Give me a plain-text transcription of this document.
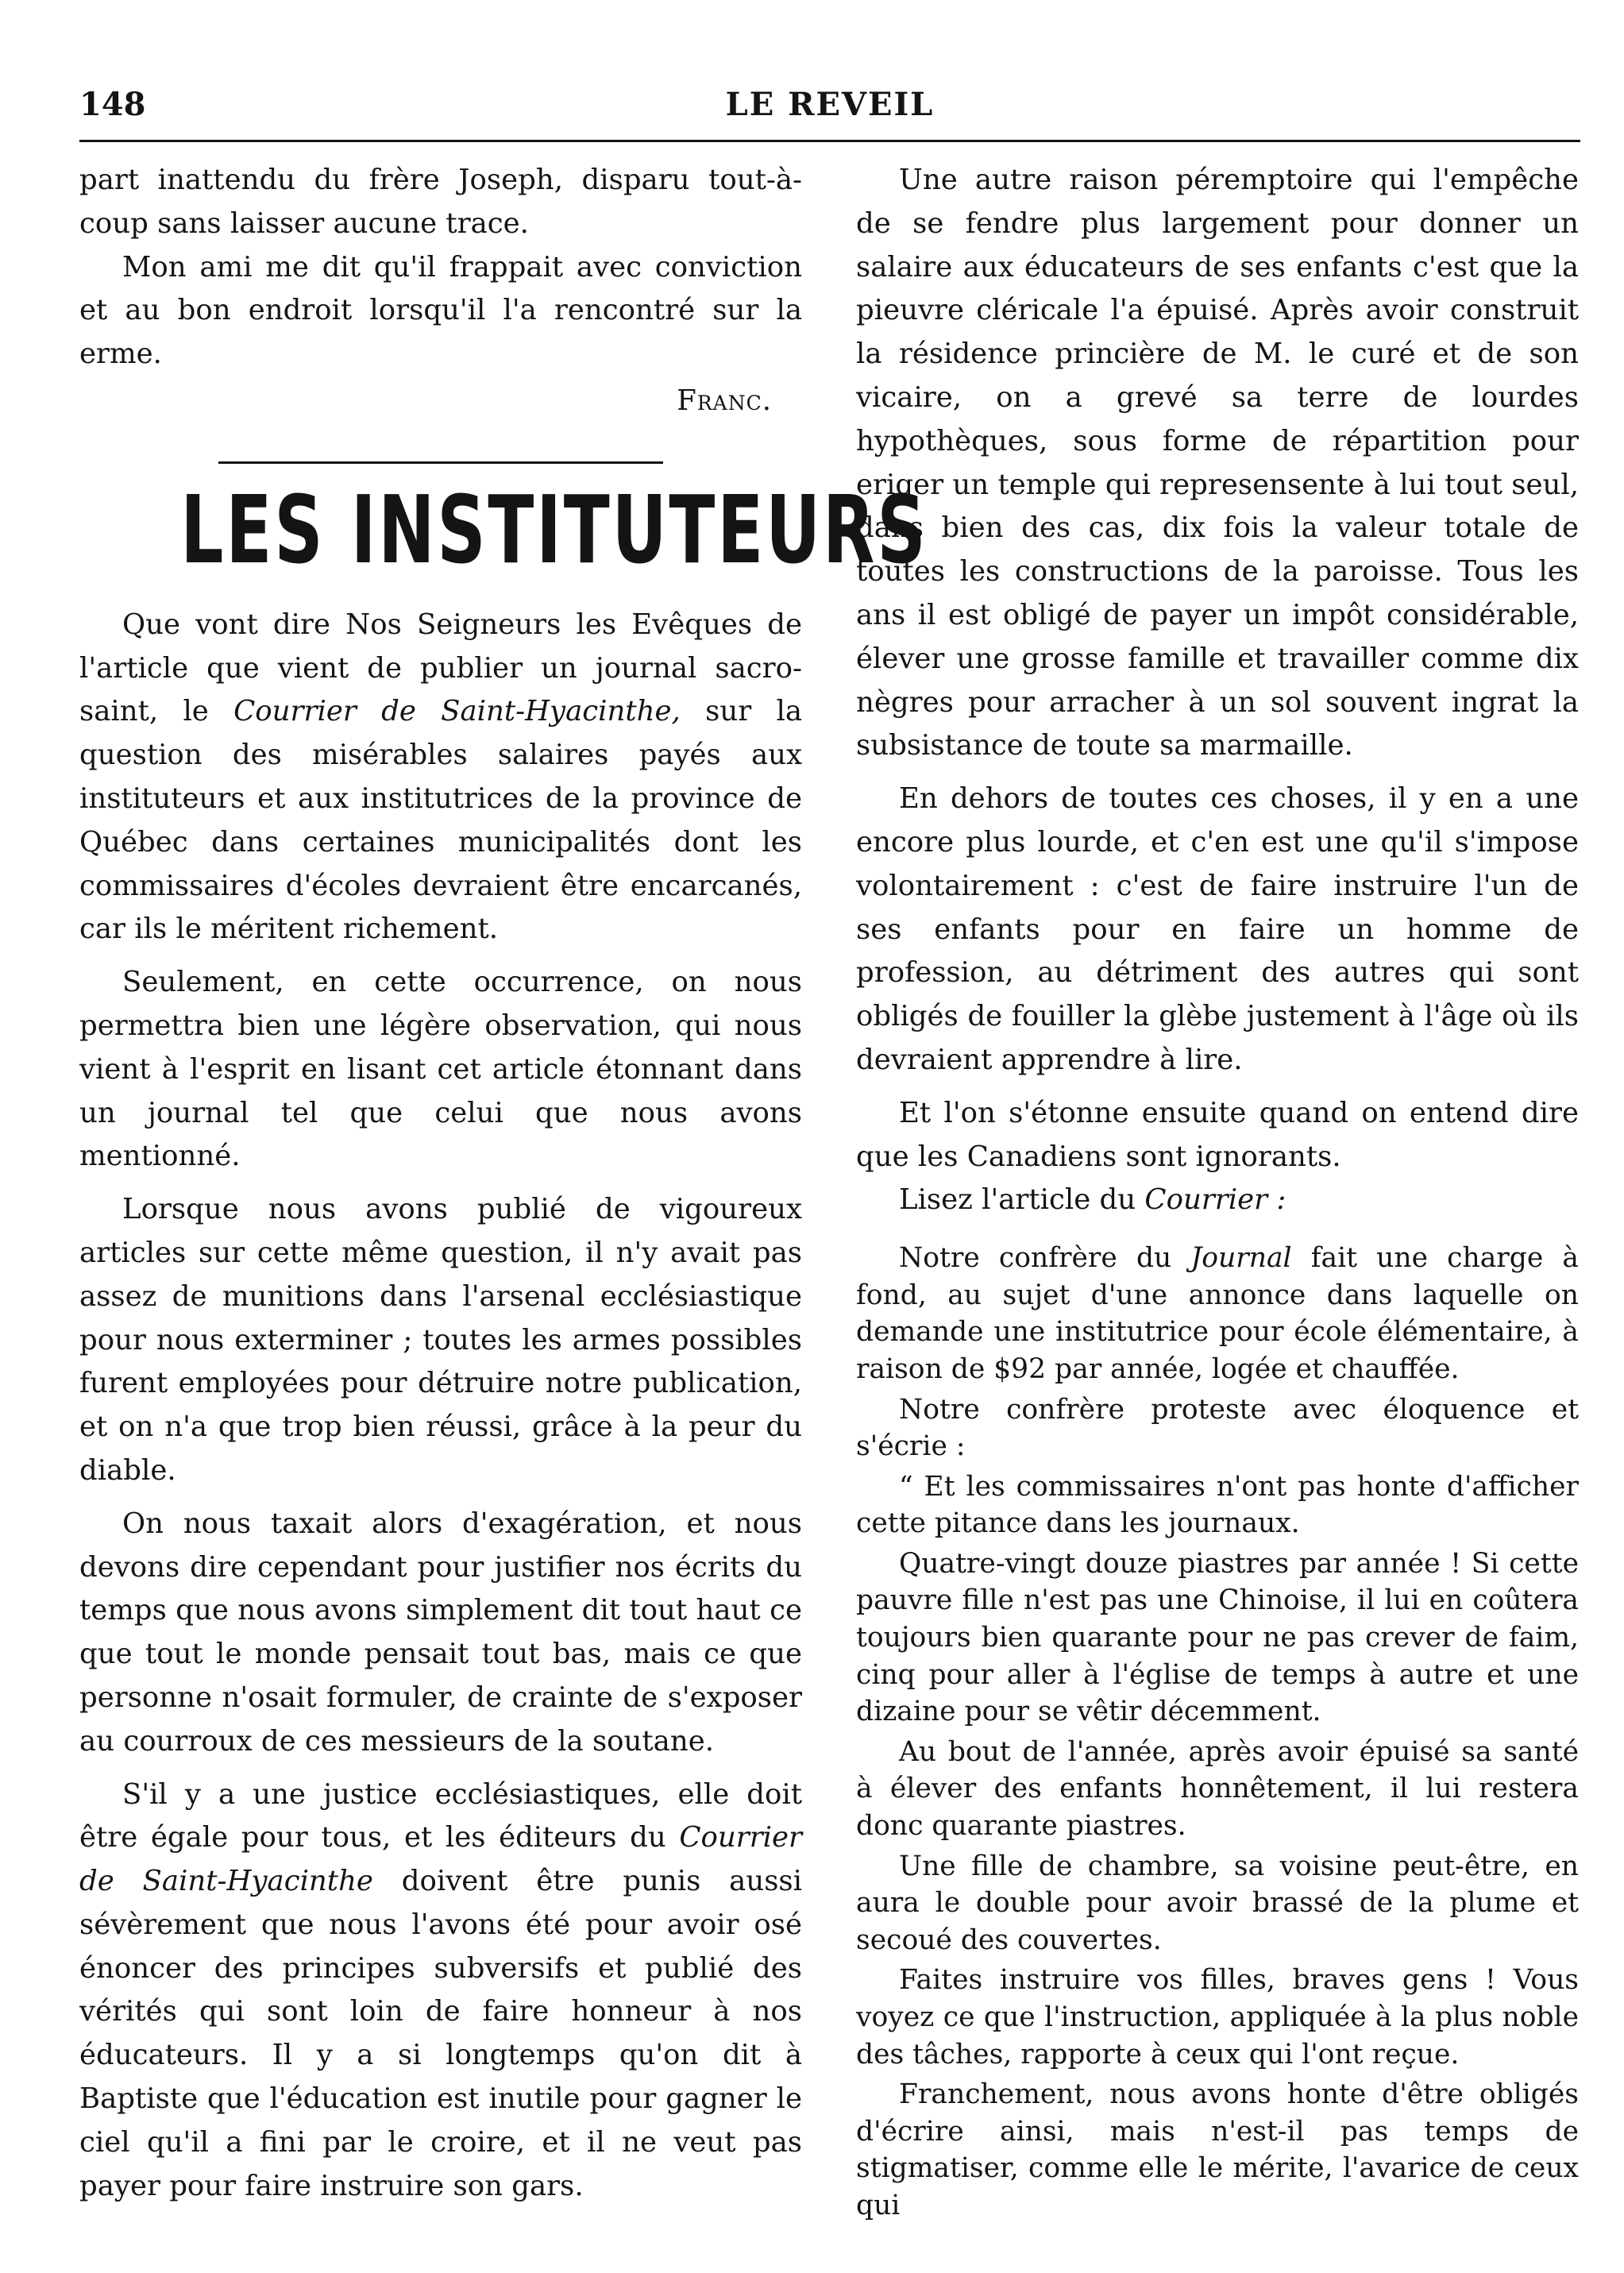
148	LE REVEIL

part inattendu du frère Joseph, disparu tout-à-coup sans laisser aucune trace.

Mon ami me dit qu'il frappait avec conviction et au bon endroit lorsqu'il l'a rencontré sur la erme.

Franc.
LES INSTITUTEURS

Que vont dire Nos Seigneurs les Evêques de l'article que vient de publier un journal sacro-saint, le Courrier de Saint-Hyacinthe, sur la question des misérables salaires payés aux instituteurs et aux institutrices de la province de Québec dans certaines municipalités dont les commissaires d'écoles devraient être encarcanés, car ils le méritent richement.

Seulement, en cette occurrence, on nous permettra bien une légère observation, qui nous vient à l'esprit en lisant cet article étonnant dans un journal tel que celui que nous avons mentionné.

Lorsque nous avons publié de vigoureux articles sur cette même question, il n'y avait pas assez de munitions dans l'arsenal ecclésiastique pour nous exterminer ; toutes les armes possibles furent employées pour détruire notre publication, et on n'a que trop bien réussi, grâce à la peur du diable.

On nous taxait alors d'exagération, et nous devons dire cependant pour justifier nos écrits du temps que nous avons simplement dit tout haut ce que tout le monde pensait tout bas, mais ce que personne n'osait formuler, de crainte de s'exposer au courroux de ces messieurs de la soutane.

S'il y a une justice ecclésiastiques, elle doit être égale pour tous, et les éditeurs du Courrier de Saint-Hyacinthe doivent être punis aussi sévèrement que nous l'avons été pour avoir osé énoncer des principes subversifs et publié des vérités qui sont loin de faire honneur à nos éducateurs. Il y a si longtemps qu'on dit à Baptiste que l'éducation est inutile pour gagner le ciel qu'il a fini par le croire, et il ne veut pas payer pour faire instruire son gars.

Une autre raison péremptoire qui l'empêche de se fendre plus largement pour donner un salaire aux éducateurs de ses enfants c'est que la pieuvre cléricale l'a épuisé. Après avoir construit la résidence princière de M. le curé et de son vicaire, on a grevé sa terre de lourdes hypothèques, sous forme de répartition pour eriger un temple qui represensente à lui tout seul, dans bien des cas, dix fois la valeur totale de toutes les constructions de la paroisse. Tous les ans il est obligé de payer un impôt considérable, élever une grosse famille et travailler comme dix nègres pour arracher à un sol souvent ingrat la subsistance de toute sa marmaille.

En dehors de toutes ces choses, il y en a une encore plus lourde, et c'en est une qu'il s'impose volontairement : c'est de faire instruire l'un de ses enfants pour en faire un homme de profession, au détriment des autres qui sont obligés de fouiller la glèbe justement à l'âge où ils devraient apprendre à lire.

Et l'on s'étonne ensuite quand on entend dire que les Canadiens sont ignorants.

Lisez l'article du Courrier :

Notre confrère du Journal fait une charge à fond, au sujet d'une annonce dans laquelle on demande une institutrice pour école élémentaire, à raison de $92 par année, logée et chauffée.

Notre confrère proteste avec éloquence et s'écrie :

“ Et les commissaires n'ont pas honte d'afficher cette pitance dans les journaux.

Quatre-vingt douze piastres par année ! Si cette pauvre fille n'est pas une Chinoise, il lui en coûtera toujours bien quarante pour ne pas crever de faim, cinq pour aller à l'église de temps à autre et une dizaine pour se vêtir décemment.

Au bout de l'année, après avoir épuisé sa santé à élever des enfants honnêtement, il lui restera donc quarante piastres.

Une fille de chambre, sa voisine peut-être, en aura le double pour avoir brassé de la plume et secoué des couvertes.

Faites instruire vos filles, braves gens ! Vous voyez ce que l'instruction, appliquée à la plus noble des tâches, rapporte à ceux qui l'ont reçue.

Franchement, nous avons honte d'être obligés d'écrire ainsi, mais n'est-il pas temps de stigmatiser, comme elle le mérite, l'avarice de ceux qui
